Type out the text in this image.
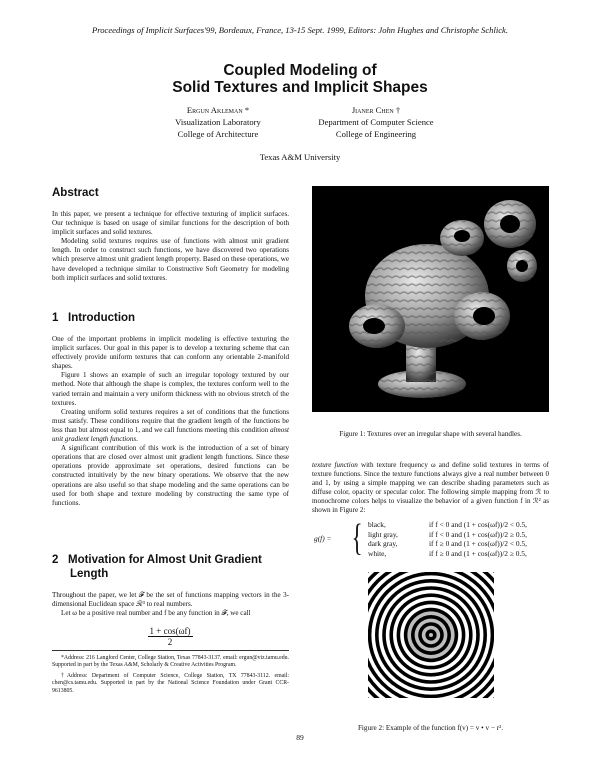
Proceedings of Implicit Surfaces'99, Bordeaux, France, 13-15 Sept. 1999, Editors: John Hughes and Christophe Schlick.
Coupled Modeling of
Solid Textures and Implicit Shapes
Ergun Akleman *
Visualization Laboratory
College of Architecture
Jianer Chen †
Department of Computer Science
College of Engineering
Texas A&M University
Abstract

In this paper, we present a technique for effective texturing of implicit surfaces. Our technique is based on usage of similar functions for the description of both implicit surfaces and solid textures.

Modeling solid textures requires use of functions with almost unit gradient length. In order to construct such functions, we have discovered two operations which preserve almost unit gradient length property. Based on these operations, we have developed a technique similar to Constructive Soft Geometry for modeling both implicit surfaces and solid textures.

1 Introduction

One of the important problems in implicit modeling is effective texturing the implicit surfaces. Our goal in this paper is to develop a texturing scheme that can effectively provide uniform textures that can conform any orientable 2-manifold shapes.

Figure 1 shows an example of such an irregular topology textured by our method. Note that although the shape is complex, the textures conform well to the varied terrain and maintain a very uniform thickness with no obvious stretch of the textures.

Creating uniform solid textures requires a set of conditions that the functions must satisfy. These conditions require that the gradient length of the functions be less than but almost equal to 1, and we call functions meeting this condition almost unit gradient length functions.

A significant contribution of this work is the introduction of a set of binary operations that are closed over almost unit gradient length functions. Since these operations provide approximate set operations, desired functions can be constructed intuitively by the new binary operations. We observe that the new operations are also useful so that shape modeling and the same operations can be used for both shape and texture modeling by constructing the same type of functions.

2 Motivation for Almost Unit Gradient
Length

Throughout the paper, we let 𝓕 be the set of functions mapping vectors in the 3-dimensional Euclidean space ℛ³ to real numbers.

Let ω be a positive real number and f be any function in 𝓕, we call

$\frac{1 + \cos(\omega f)}{2}$

*Address: 216 Langford Center, College Station, Texas 77843-3137. email: ergun@viz.tamu.edu. Supported in part by the Texas A&M, Scholarly & Creative Activities Program.

†Address: Department of Computer Science, College Station, TX 77843-3112. email: chen@cs.tamu.edu. Supported in part by the National Science Foundation under Grant CCR-9613805.

Figure 1: Textures over an irregular shape with several handles.

texture function with texture frequency ω and define solid textures in terms of texture functions. Since the texture functions always give a real number between 0 and 1, by using a simple mapping we can describe shading parameters such as diffuse color, opacity or specular color. The following simple mapping from ℛ to monochrome colors helps to visualize the behavior of a given function f in ℛ² as shown in Figure 2:

g(f) = { black,
light gray,
dark gray,
white,
if f < 0 and (1 + cos(ωf))/2 < 0.5,
if f < 0 and (1 + cos(ωf))/2 ≥ 0.5,
if f ≥ 0 and (1 + cos(ωf))/2 < 0.5,
if f ≥ 0 and (1 + cos(ωf))/2 ≥ 0.5,
Figure 2: Example of the function f(v) = v • v − r².
89
